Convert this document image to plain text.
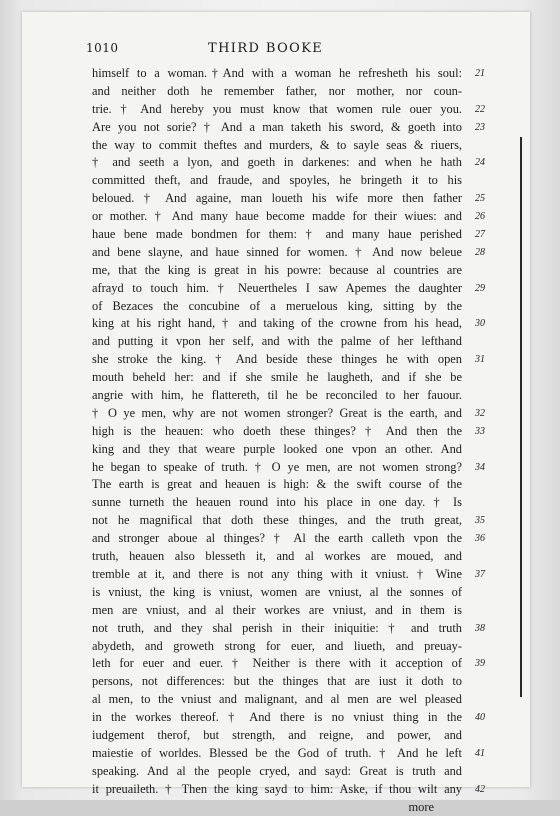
1010	THIRD BOOKE
himself to a woman.†And with a woman he refresheth his soul: 21
and neither doth he remember father, nor mother, nor coun-
trie. † And hereby you must know that women rule ouer you. 22
Are you not sorie? † And a man taketh his sword, & goeth into 23
the way to commit theftes and murders, & to sayle seas & riuers,
† and seeth a lyon, and goeth in darkenes: and when he hath 24
committed theft, and fraude, and spoyles, he bringeth it to his
beloued. † And againe, man loueth his wife more then father 25
or mother. † And many haue become madde for their wiues: and 26
haue bene made bondmen for them: † and many haue perished 27
and bene slayne, and haue sinned for women. † And now beleue 28
me, that the king is great in his powre: because al countries are
afrayd to touch him. † Neuertheles I saw Apemes the daughter 29
of Bezaces the concubine of a meruelous king, sitting by the
king at his right hand, † and taking of the crowne from his head, 30
and putting it vpon her self, and with the palme of her lefthand
she stroke the king. † And beside these thinges he with open 31
mouth beheld her: and if she smile he laugheth, and if she be
angrie with him, he flattereth, til he be reconciled to her fauour.
† O ye men, why are not women stronger? Great is the earth, and 32
high is the heauen: who doeth these thinges? † And then the 33
king and they that weare purple looked one vpon an other. And
he began to speake of truth. † O ye men, are not women strong? 34
The earth is great and heauen is high: & the swift course of the
sunne turneth the heauen round into his place in one day. † Is
not he magnifical that doth these thinges, and the truth great, 35
and stronger aboue al thinges? † Al the earth calleth vpon the 36
truth, heauen also blesseth it, and al workes are moued, and
tremble at it, and there is not any thing with it vniust. † Wine 37
is vniust, the king is vniust, women are vniust, al the sonnes of
men are vniust, and al their workes are vniust, and in them is
not truth, and they shal perish in their iniquitie: † and truth 38
abydeth, and groweth strong for euer, and liueth, and preuay-
leth for euer and euer. † Neither is there with it acception of 39
persons, not differences: but the thinges that are iust it doth to
al men, to the vniust and malignant, and al men are wel pleased
in the workes thereof. † And there is no vniust thing in the 40
iudgement therof, but strength, and reigne, and power, and
maiestie of worldes. Blessed be the God of truth. † And he left 41
speaking. And al the people cryed, and sayd: Great is truth and
it preuaileth. † Then the king sayd to him: Aske, if thou wilt any 42
more
